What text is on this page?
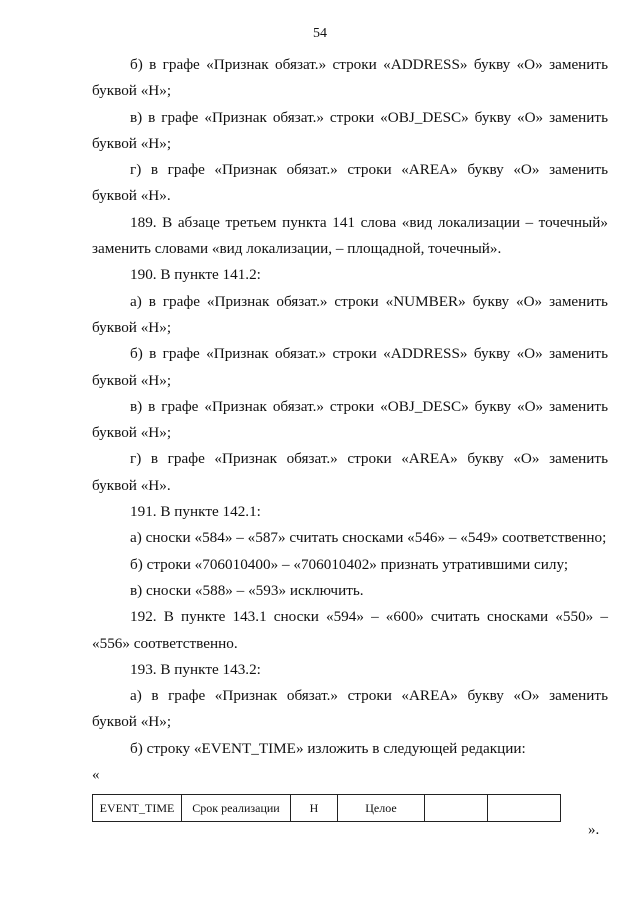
54

б) в графе «Признак обязат.» строки «ADDRESS» букву «О» заменить

буквой «Н»;

в) в графе «Признак обязат.» строки «OBJ_DESC» букву «О» заменить

буквой «Н»;

г) в графе «Признак обязат.» строки «AREA» букву «О» заменить

буквой «Н».

189. В абзаце третьем пункта 141 слова «вид локализации – точечный»

заменить словами «вид локализации, – площадной, точечный».

190. В пункте 141.2:

а) в графе «Признак обязат.» строки «NUMBER» букву «О» заменить

буквой «Н»;

б) в графе «Признак обязат.» строки «ADDRESS» букву «О» заменить

буквой «Н»;

в) в графе «Признак обязат.» строки «OBJ_DESC» букву «О» заменить

буквой «Н»;

г) в графе «Признак обязат.» строки «AREA» букву «О» заменить

буквой «Н».

191. В пункте 142.1:

а) сноски «584» – «587» считать сносками «546» – «549» соответственно;

б) строки «706010400» – «706010402» признать утратившими силу;

в) сноски «588» – «593» исключить.

192. В пункте 143.1 сноски «594» – «600» считать сносками «550» –

«556» соответственно.

193. В пункте 143.2:

а) в графе «Признак обязат.» строки «AREA» букву «О» заменить

буквой «Н»;

б) строку «EVENT_TIME» изложить в следующей редакции:

«
EVENT_TIME	Срок реализации	Н	Целое		
».
